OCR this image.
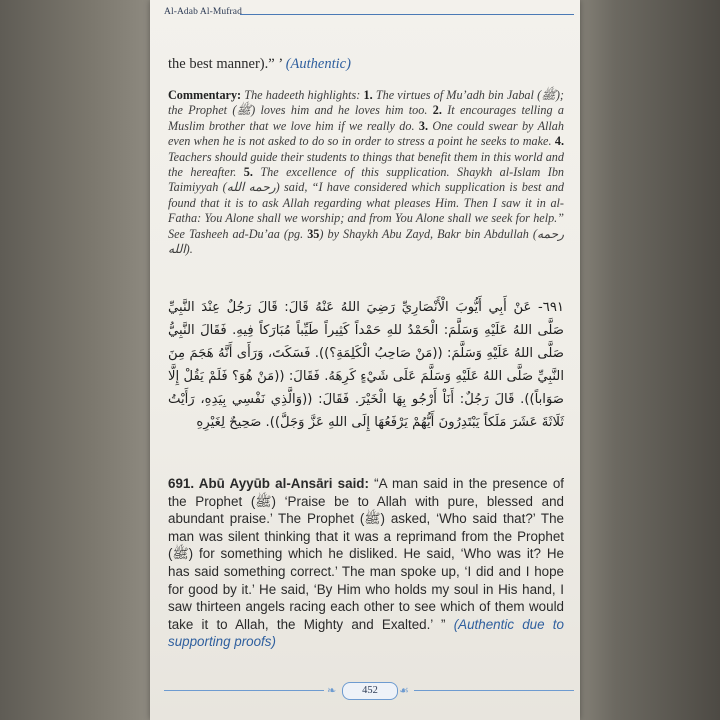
Al-Adab Al-Mufrad
the best manner).” ’ (Authentic)
Commentary: The hadeeth highlights: 1. The virtues of Mu’adh bin Jabal (ﷺ); the Prophet (ﷺ) loves him and he loves him too. 2. It encourages telling a Muslim brother that we love him if we really do. 3. One could swear by Allah even when he is not asked to do so in order to stress a point he seeks to make. 4. Teachers should guide their students to things that benefit them in this world and the hereafter. 5. The excellence of this supplication. Shaykh al-Islam Ibn Taimiyyah (رحمه الله) said, “I have considered which supplication is best and found that it is to ask Allah regarding what pleases Him. Then I saw it in al-Fatha: You Alone shall we worship; and from You Alone shall we seek for help.” See Tasheeh ad-Du’aa (pg. 35) by Shaykh Abu Zayd, Bakr bin Abdullah (رحمه الله).
٦٩١- عَنْ أَبِي أَيُّوبَ الْأَنْصَارِيِّ رَضِيَ اللهُ عَنْهُ قَالَ: قَالَ رَجُلٌ عِنْدَ النَّبِيِّ صَلَّى اللهُ عَلَيْهِ وَسَلَّمَ: الْحَمْدُ للهِ حَمْداً كَثِيراً طَيِّباً مُبَارَكاً فِيهِ. فَقَالَ النَّبِيُّ صَلَّى اللهُ عَلَيْهِ وَسَلَّمَ: ((مَنْ صَاحِبُ الْكَلِمَةِ؟)). فَسَكَتَ، وَرَأَى أَنَّهُ هَجَمَ مِنَ النَّبِيِّ صَلَّى اللهُ عَلَيْهِ وَسَلَّمَ عَلَى شَيْءٍ كَرِهَهُ. فَقَالَ: ((مَنْ هُوَ؟ فَلَمْ يَقُلْ إِلَّا صَوَاباً)). قَالَ رَجُلٌ: أَنَاْ أَرْجُو بِهَا الْخَيْرَ. فَقَالَ: ((وَالَّذِي نَفْسِي بِيَدِهِ، رَأَيْتُ ثَلَاثَةَ عَشَرَ مَلَكاً يَبْتَدِرُونَ أَيُّهُمْ يَرْفَعُهَا إِلَى اللهِ عَزَّ وَجَلَّ)). صَحِيحٌ لِغَيْرِهِ
691. Abū Ayyūb al-Ansāri said: “A man said in the presence of the Prophet (ﷺ) ‘Praise be to Allah with pure, blessed and abundant praise.’ The Prophet (ﷺ) asked, ‘Who said that?’ The man was silent thinking that it was a reprimand from the Prophet (ﷺ) for something which he disliked. He said, ‘Who was it? He has said something correct.’ The man spoke up, ‘I did and I hope for good by it.’ He said, ‘By Him who holds my soul in His hand, I saw thirteen angels racing each other to see which of them would take it to Allah, the Mighty and Exalted.’ ” (Authentic due to supporting proofs)
❧	452	☙
